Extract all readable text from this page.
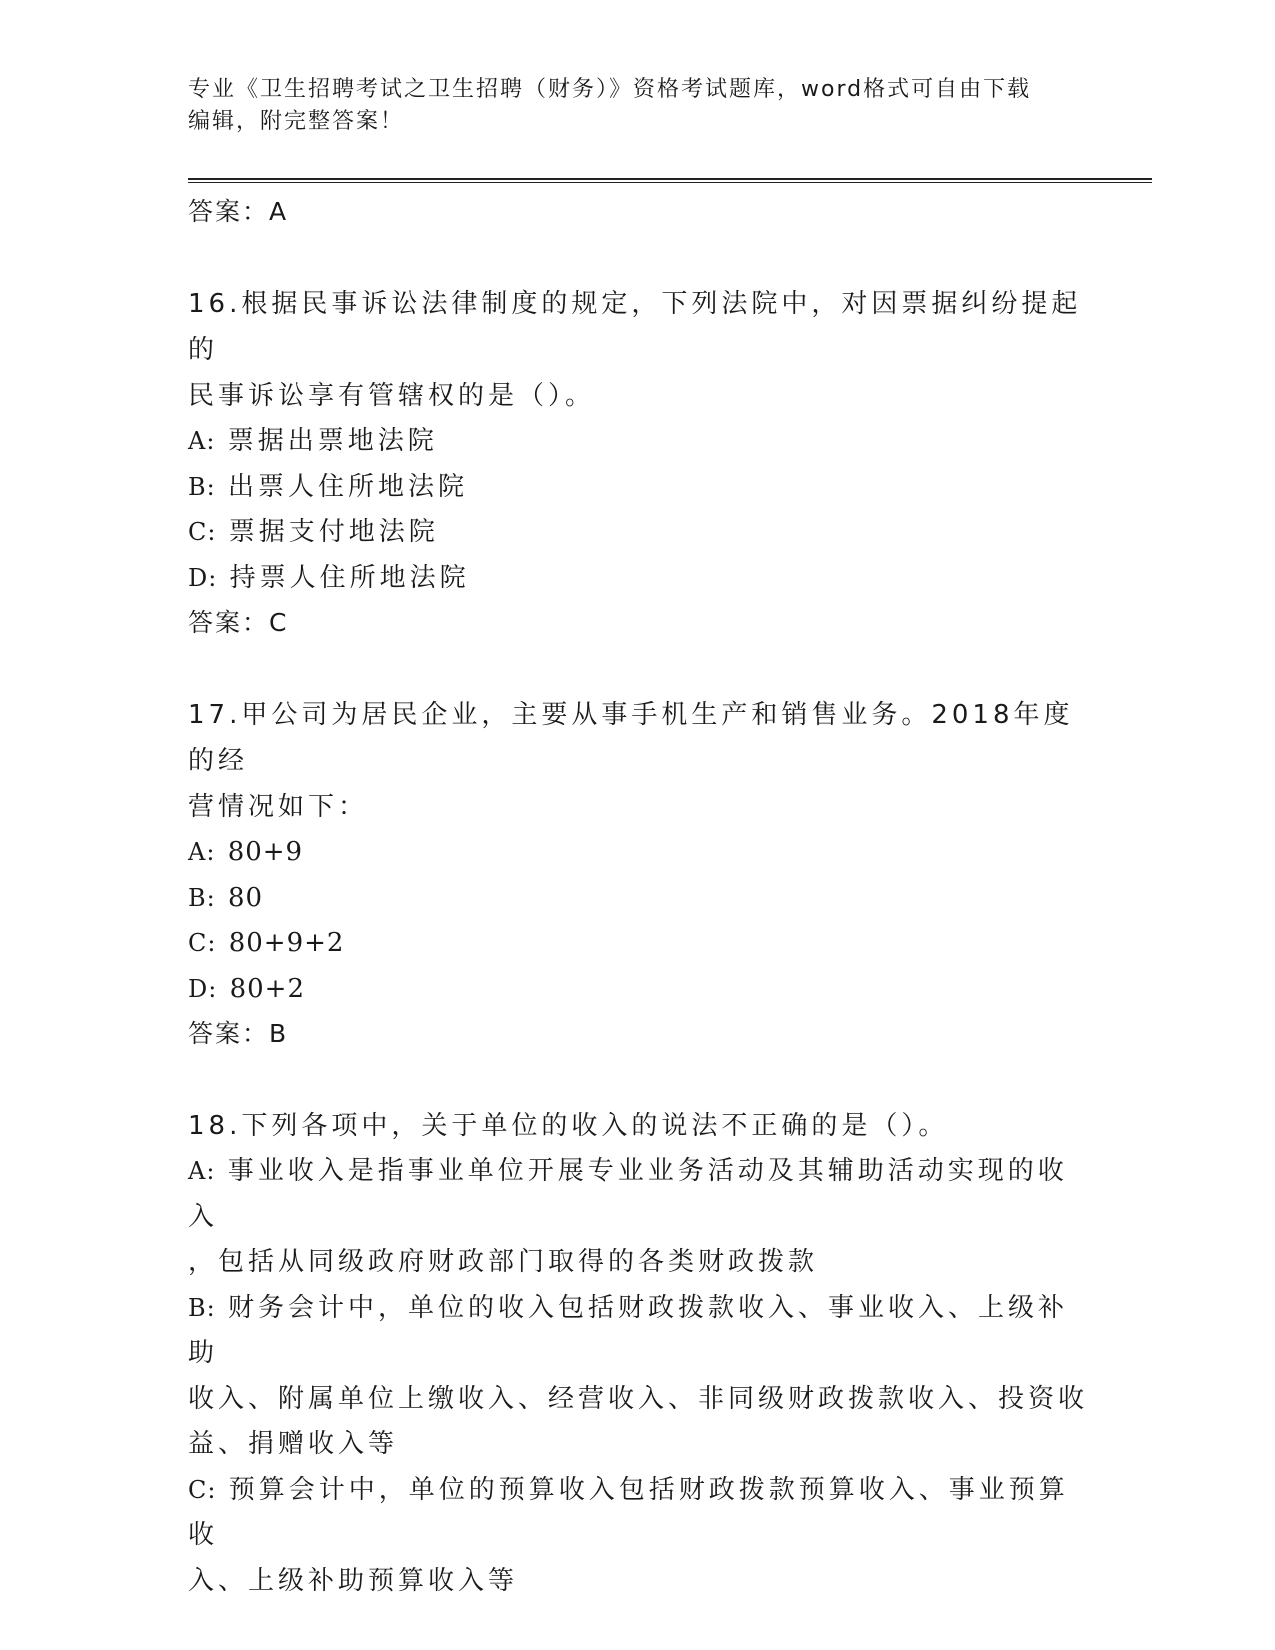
专业《卫生招聘考试之卫生招聘（财务）》资格考试题库，word格式可自由下载
编辑，附完整答案！
答案：A
16.根据民事诉讼法律制度的规定，下列法院中，对因票据纠纷提起的
民事诉讼享有管辖权的是（）。
A: 票据出票地法院
B: 出票人住所地法院
C: 票据支付地法院
D: 持票人住所地法院
答案：C
17.甲公司为居民企业，主要从事手机生产和销售业务。2018年度的经
营情况如下：
A: 80+9
B: 80
C: 80+9+2
D: 80+2
答案：B
18.下列各项中，关于单位的收入的说法不正确的是（）。
A: 事业收入是指事业单位开展专业业务活动及其辅助活动实现的收入
，包括从同级政府财政部门取得的各类财政拨款
B: 财务会计中，单位的收入包括财政拨款收入、事业收入、上级补助
收入、附属单位上缴收入、经营收入、非同级财政拨款收入、投资收
益、捐赠收入等
C: 预算会计中，单位的预算收入包括财政拨款预算收入、事业预算收
入、上级补助预算收入等
